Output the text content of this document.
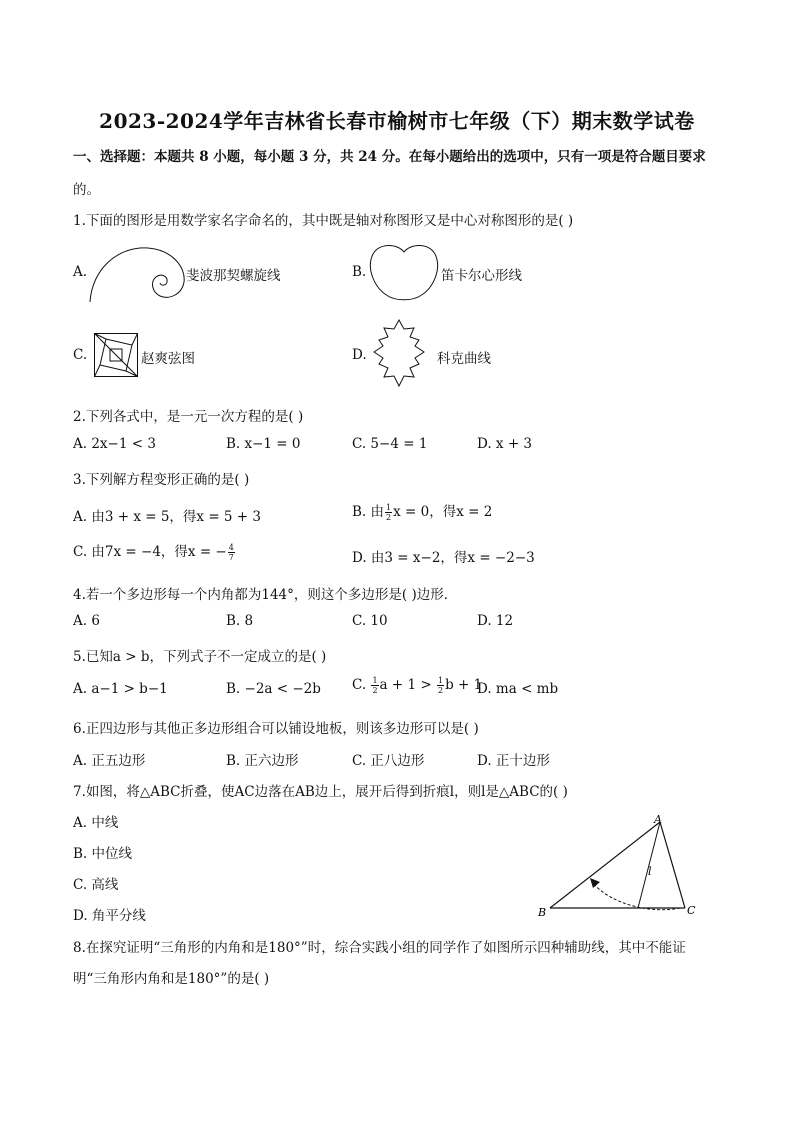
2023-2024学年吉林省长春市榆树市七年级（下）期末数学试卷
一、选择题：本题共 8 小题，每小题 3 分，共 24 分。在每小题给出的选项中，只有一项是符合题目要求
的。
1.下面的图形是用数学家名字命名的，其中既是轴对称图形又是中心对称图形的是( )
A.	斐波那契螺旋线	B.	笛卡尔心形线
C.	赵爽弦图	D.	科克曲线
2.下列各式中，是一元一次方程的是( )
A. 2x−1 < 3	B. x−1 = 0	C. 5−4 = 1	D. x + 3
3.下列解方程变形正确的是( )
A. 由3 + x = 5，得x = 5 + 3	B. 由 $\frac{1}{2}$ x = 0，得x = 2
C. 由7x = −4，得x = − $\frac{4}{7}$	D. 由3 = x−2，得x = −2−3
4.若一个多边形每一个内角都为144°，则这个多边形是( )边形．
A. 6	B. 8	C. 10	D. 12
5.已知a > b，下列式子不一定成立的是( )
A. a−1 > b−1	B. −2a < −2b C. $\frac{1}{2}$ $a + 1 > \frac{1}{2}$ b + 1
D. ma < mb
6.正四边形与其他正多边形组合可以铺设地板，则该多边形可以是( )
A. 正五边形	B. 正六边形	C. 正八边形	D. 正十边形
7.如图，将△ABC折叠，使AC边落在AB边上，展开后得到折痕l，则l是△ABC的( )
A. 中线
B. 中位线
C. 高线
D. 角平分线
A
B	C
l
8.在探究证明“三角形的内角和是180°”时，综合实践小组的同学作了如图所示四种辅助线，其中不能证
明“三角形内角和是180°”的是( )
